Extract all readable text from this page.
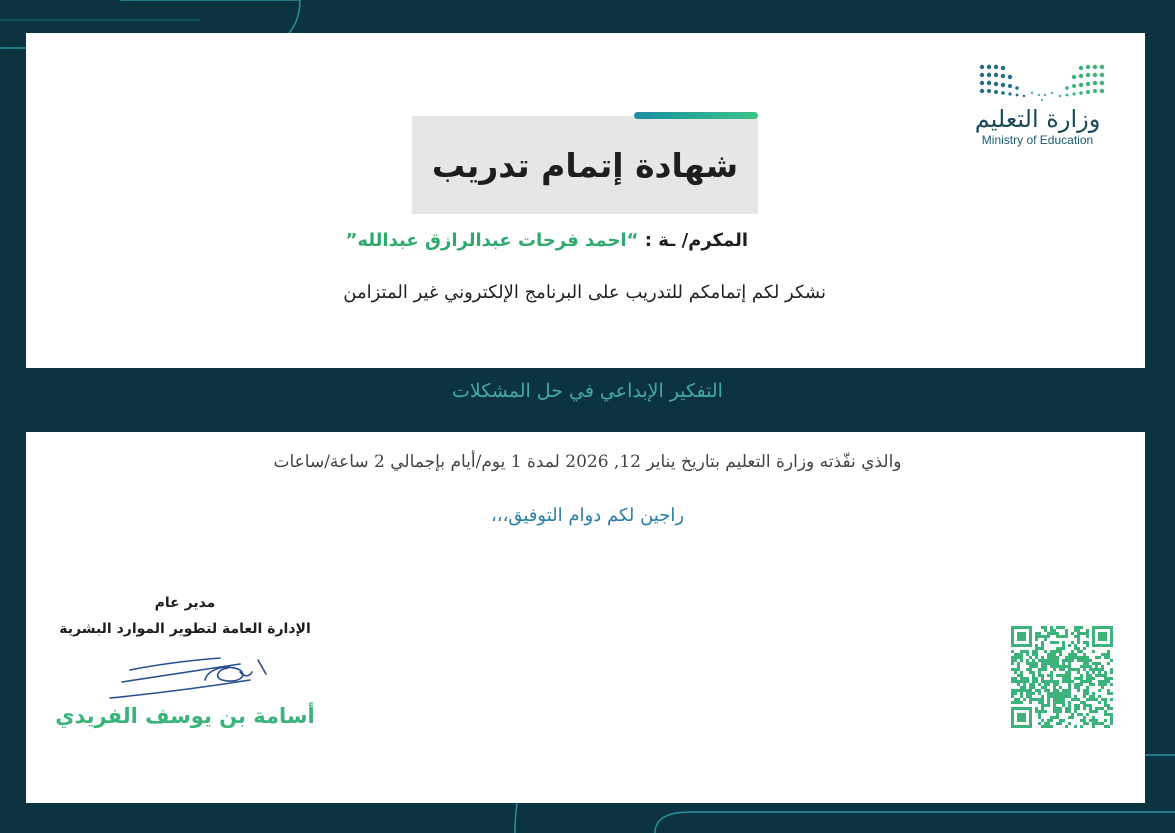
شهادة إتمام تدريب
وزارة التعليم
Ministry of Education
المكرم/ ـة : “احمد فرحات عبدالرازق عبدالله”
نشكر لكم إتمامكم للتدريب على البرنامج الإلكتروني غير المتزامن
التفكير الإبداعي في حل المشكلات
والذي نفّذته وزارة التعليم بتاريخ يناير 12, 2026 لمدة 1 يوم/أيام بإجمالي 2 ساعة/ساعات
راجين لكم دوام التوفيق،،،
مدير عام
الإدارة العامة لتطوير الموارد البشرية
أسامة بن يوسف الفريدي
